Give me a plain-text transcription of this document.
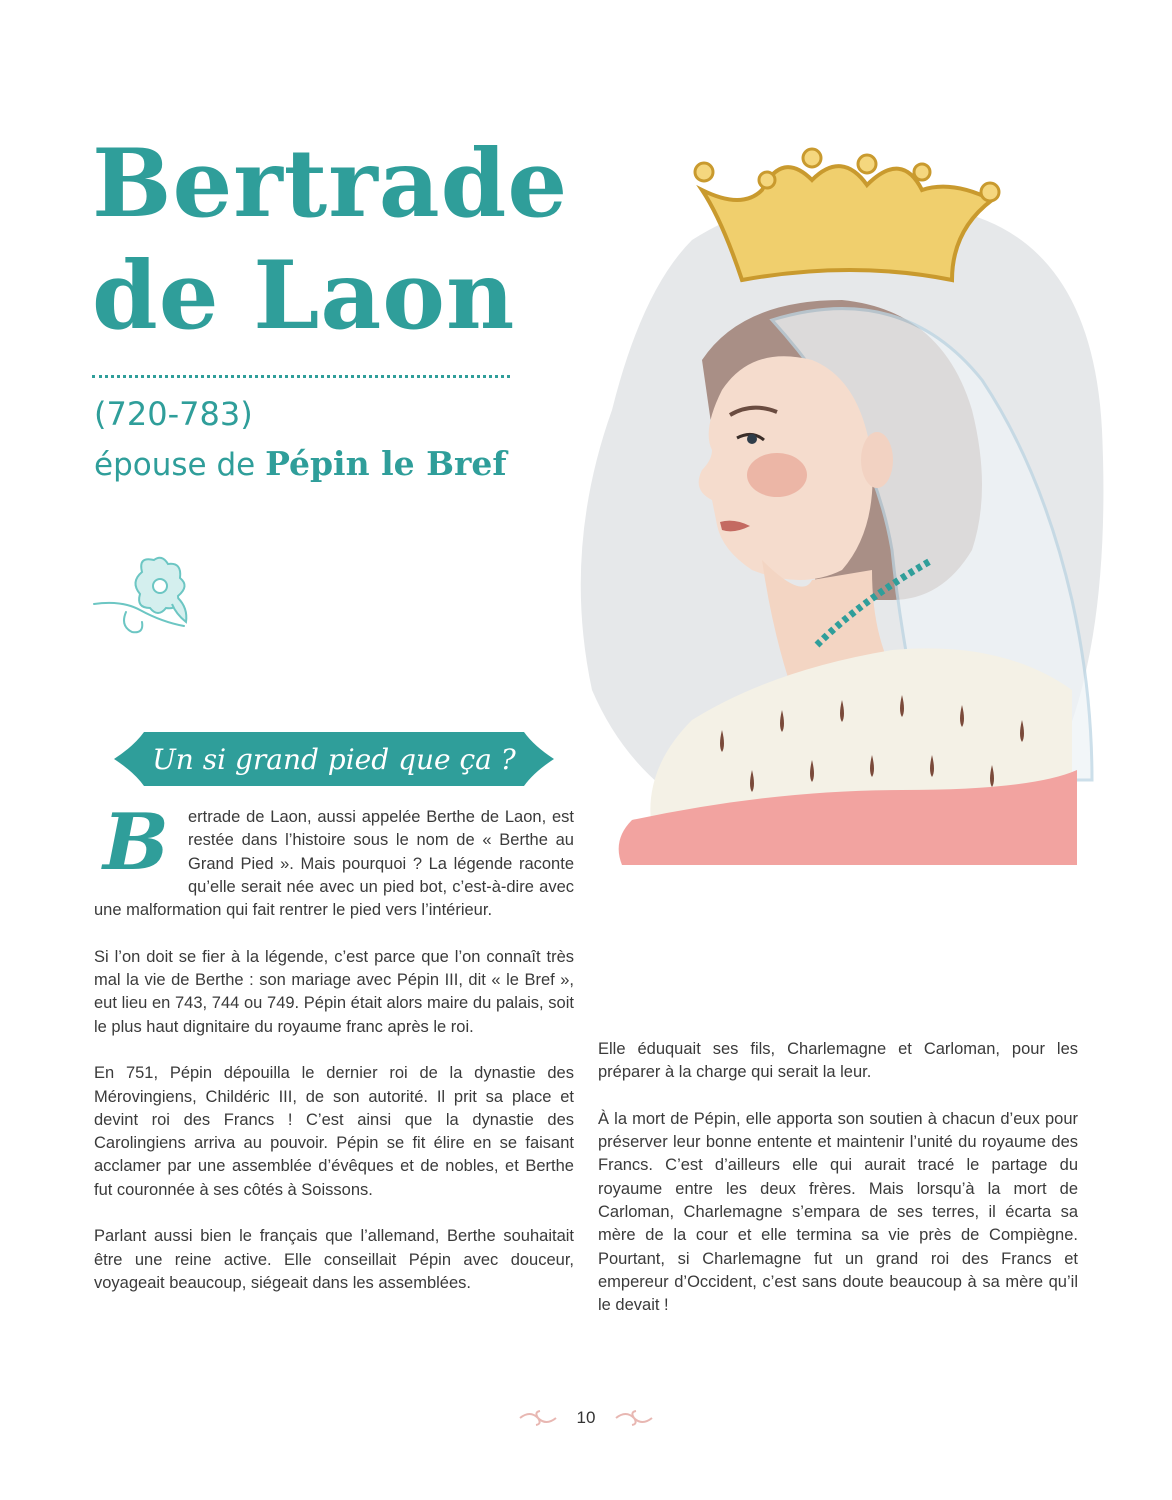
Bertrade
de Laon
(720-783)
épouse de Pépin le Bref
Un si grand pied que ça ?

B	ertrade de Laon, aussi appelée Berthe de Laon, est restée dans l’histoire sous le nom de « Berthe au Grand Pied ». Mais pourquoi ? La légende raconte qu’elle serait née avec un pied bot, c’est-à-dire avec une malformation qui fait rentrer le pied vers l’intérieur.

Si l’on doit se fier à la légende, c’est parce que l’on connaît très mal la vie de Berthe : son mariage avec Pépin III, dit « le Bref », eut lieu en 743, 744 ou 749. Pépin était alors maire du palais, soit le plus haut dignitaire du royaume franc après le roi.

En 751, Pépin dépouilla le dernier roi de la dynastie des Mérovingiens, Childéric III, de son autorité. Il prit sa place et devint roi des Francs ! C’est ainsi que la dynastie des Carolingiens arriva au pouvoir. Pépin se fit élire en se faisant acclamer par une assemblée d’évêques et de nobles, et Berthe fut couronnée à ses côtés à Soissons.

Parlant aussi bien le français que l’allemand, Berthe souhaitait être une reine active. Elle conseillait Pépin avec douceur, voyageait beaucoup, siégeait dans les assemblées.

Elle éduquait ses fils, Charlemagne et Carloman, pour les préparer à la charge qui serait la leur.

À la mort de Pépin, elle apporta son soutien à chacun d’eux pour préserver leur bonne entente et maintenir l’unité du royaume des Francs. C’est d’ailleurs elle qui aurait tracé le partage du royaume entre les deux frères. Mais lorsqu’à la mort de Carloman, Charlemagne s’empara de ses terres, il écarta sa mère de la cour et elle termina sa vie près de Compiègne. Pourtant, si Charlemagne fut un grand roi des Francs et empereur d’Occident, c’est sans doute beaucoup à sa mère qu’il le devait !

10
